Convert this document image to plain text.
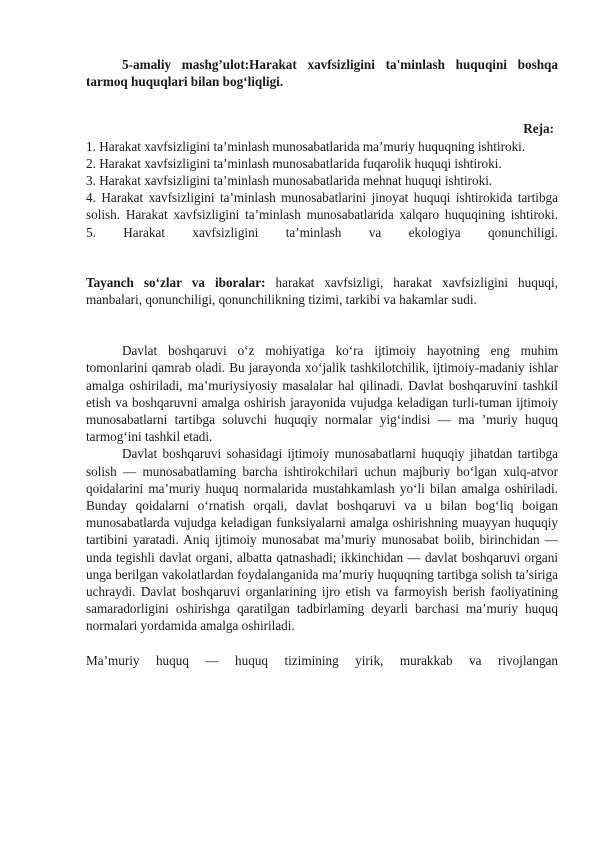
5-amaliy mashg’ulot:Harakat xavfsizligini ta'minlash huquqini boshqa tarmoq huquqlari bilan bog‘liqligi.

Reja:

1. Harakat xavfsizligini ta’minlash munosabatlarida ma’muriy huquqning ishtiroki.

2. Harakat xavfsizligini ta’minlash munosabatlarida fuqarolik huquqi ishtiroki.

3. Harakat xavfsizligini ta’minlash munosabatlarida mehnat huquqi ishtiroki.

4. Harakat xavfsizligini ta’minlash munosabatlarini jinoyat huquqi ishtirokida tartibga solish. Harakat xavfsizligini ta’minlash munosabatlarida xalqaro huquqining ishtiroki.

5. Harakat xavfsizligini ta’minlash va ekologiya qonunchiligi.

Tayanch so‘zlar va iboralar: harakat xavfsizligi, harakat xavfsizligini huquqi, manbalari, qonunchiligi, qonunchilikning tizimi, tarkibi va hakamlar sudi.

Davlat boshqaruvi o‘z mohiyatiga ko‘ra ijtimoiy hayotning eng muhim tomonlarini qamrab oladi. Bu jarayonda xo‘jalik tashkilotchilik, ijtimoiy-madaniy ishlar amalga oshiriladi, ma’muriysiyosiy masalalar hal qilinadi. Davlat boshqaruvini tashkil etish va boshqaruvni amalga oshirish jarayonida vujudga keladigan turli-tuman ijtimoiy munosabatlarni tartibga soluvchi huquqiy normalar yig‘indisi — ma ’muriy huquq tarmog‘ini tashkil etadi.

Davlat boshqaruvi sohasidagi ijtimoiy munosabatlarni huquqiy jihatdan tartibga solish — munosabatlaming barcha ishtirokchilari uchun majburiy bo‘lgan xulq-atvor qoidalarini ma’muriy huquq normalarida mustahkamlash yo‘li bilan amalga oshiriladi. Bunday qoidalarni o‘rnatish orqali, davlat boshqaruvi va u bilan bog‘liq boigan munosabatlarda vujudga keladigan funksiyalarni amalga oshirishning muayyan huquqiy tartibini yaratadi. Aniq ijtimoiy munosabat ma’muriy munosabat boiib, birinchidan — unda tegishli davlat organi, albatta qatnashadi; ikkinchidan — davlat boshqaruvi organi unga berilgan vakolatlardan foydalanganida ma’muriy huquqning tartibga solish ta’siriga uchraydi. Davlat boshqaruvi organlarining ijro etish va farmoyish berish faoliyatining samaradorligini oshirishga qaratilgan tadbirlaming deyarli barchasi ma’muriy huquq normalari yordamida amalga oshiriladi.

Ma’muriy huquq — huquq tizimining yirik, murakkab va rivojlangan
